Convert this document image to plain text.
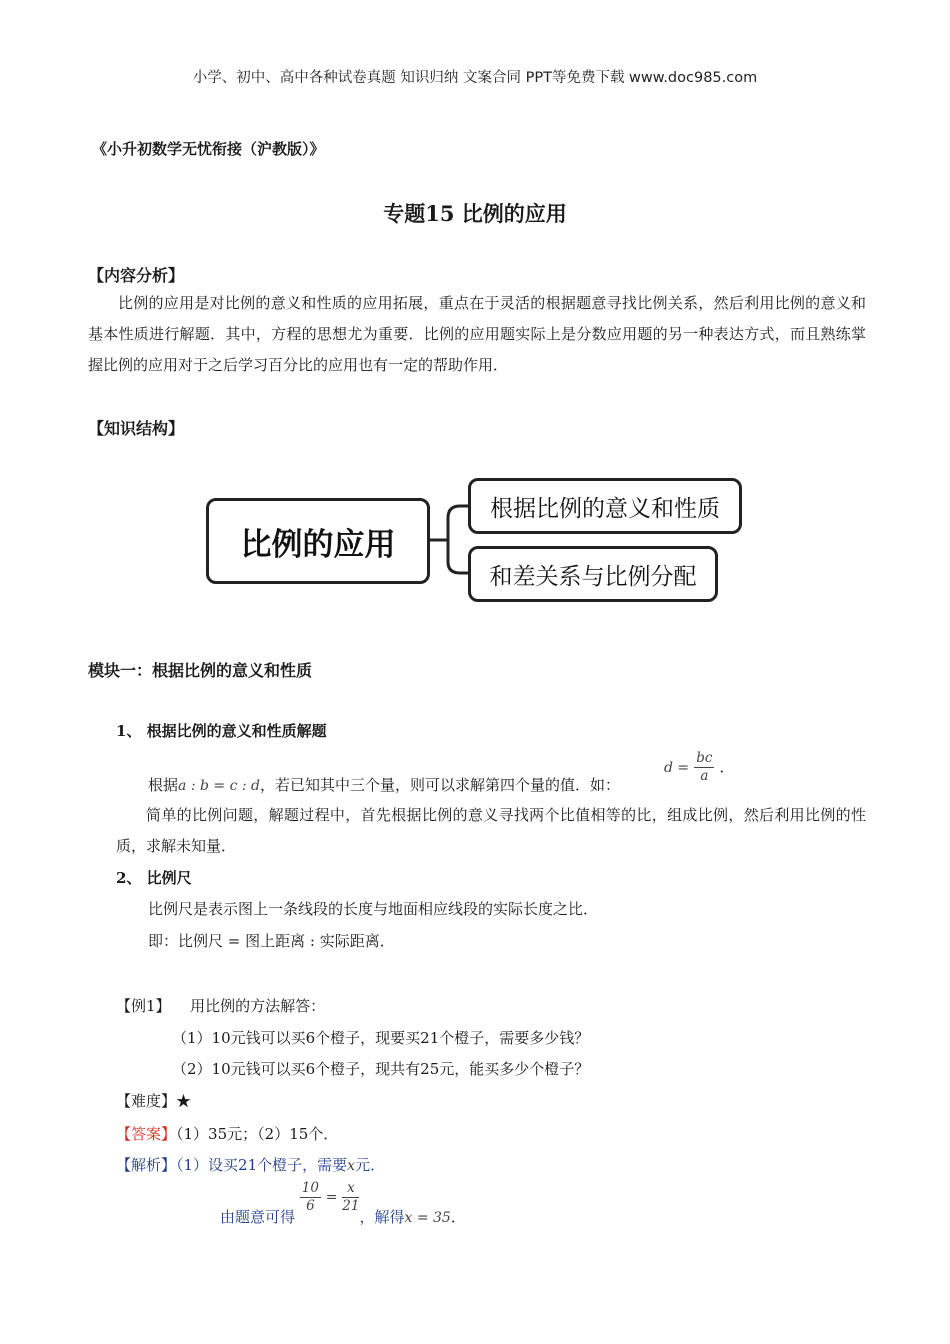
小学、初中、高中各种试卷真题 知识归纳 文案合同 PPT等免费下载 www.doc985.com
《小升初数学无忧衔接（沪教版）》
专题15 比例的应用
【内容分析】
比例的应用是对比例的意义和性质的应用拓展，重点在于灵活的根据题意寻找比例关系，然后利用比例的意义和基本性质进行解题．其中，方程的思想尤为重要．比例的应用题实际上是分数应用题的另一种表达方式，而且熟练掌握比例的应用对于之后学习百分比的应用也有一定的帮助作用．
【知识结构】
比例的应用
根据比例的意义和性质
和差关系与比例分配
模块一：根据比例的意义和性质
1、 根据比例的意义和性质解题
根据a : b = c : d，若已知其中三个量，则可以求解第四个量的值．如：
$d = \frac{bc}{a}$ ．
简单的比例问题，解题过程中，首先根据比例的意义寻找两个比值相等的比，组成比例，然后利用比例的性质，求解未知量．
2、 比例尺
比例尺是表示图上一条线段的长度与地面相应线段的实际长度之比．
即：比例尺 = 图上距离 : 实际距离．
【例1】 用比例的方法解答：
（1）10元钱可以买6个橙子，现要买21个橙子，需要多少钱？
（2）10元钱可以买6个橙子，现共有25元，能买多少个橙子？
【难度】★
【答案】（1）35元；（2）15个．
【解析】（1）设买21个橙子，需要x元．
由题意可得
$\frac{10}{6} = \frac{x}{21}$
，解得x = 35．
